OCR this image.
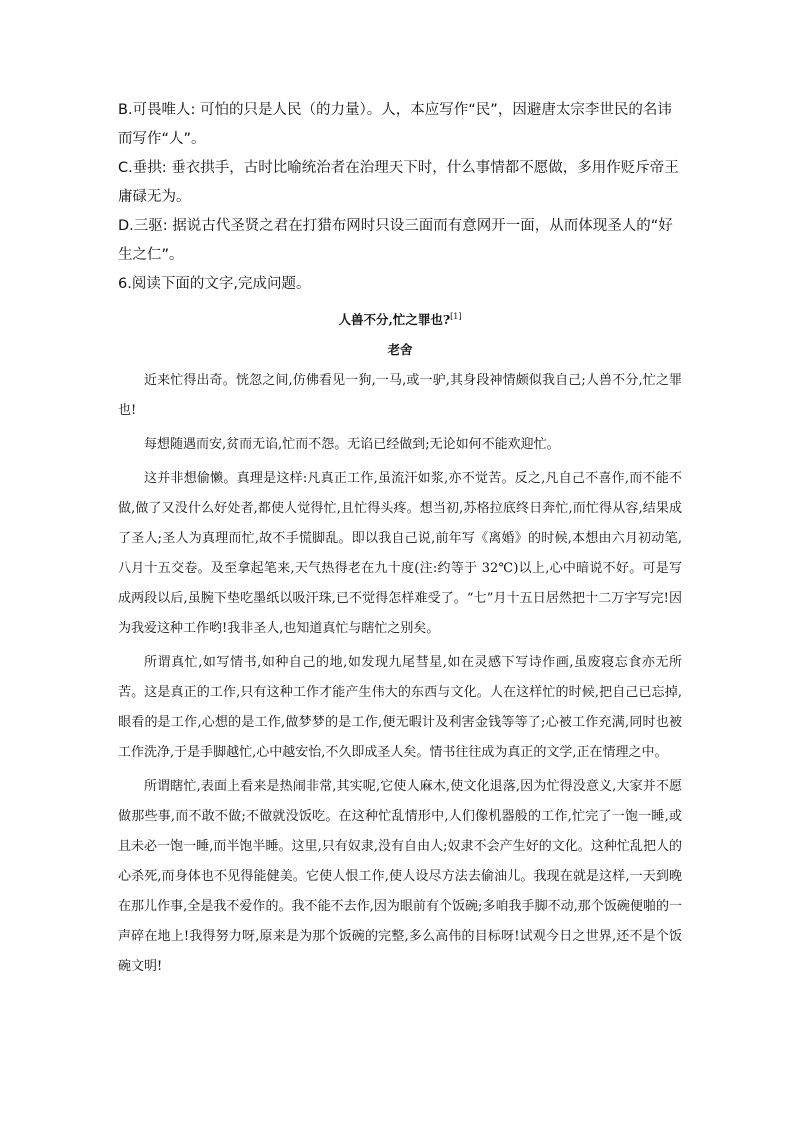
B.可畏唯人: 可怕的只是人民（的力量）。人，本应写作“民”，因避唐太宗李世民的名讳而写作“人”。

C.垂拱: 垂衣拱手，古时比喻统治者在治理天下时，什么事情都不愿做，多用作贬斥帝王庸碌无为。

D.三驱: 据说古代圣贤之君在打猎布网时只设三面而有意网开一面，从而体现圣人的“好生之仁”。

6.阅读下面的文字,完成问题。

人兽不分,忙之罪也?[1]
老舍

近来忙得出奇。恍忽之间,仿佛看见一狗,一马,或一驴,其身段神情颇似我自己;人兽不分,忙之罪也!

每想随遇而安,贫而无谄,忙而不怨。无谄已经做到;无论如何不能欢迎忙。

这并非想偷懒。真理是这样:凡真正工作,虽流汗如浆,亦不觉苦。反之,凡自己不喜作,而不能不做,做了又没什么好处者,都使人觉得忙,且忙得头疼。想当初,苏格拉底终日奔忙,而忙得从容,结果成了圣人;圣人为真理而忙,故不手慌脚乱。即以我自己说,前年写《离婚》的时候,本想由六月初动笔,八月十五交卷。及至拿起笔来,天气热得老在九十度(注:约等于 32℃)以上,心中暗说不好。可是写成两段以后,虽腕下垫吃墨纸以吸汗珠,已不觉得怎样难受了。“七”月十五日居然把十二万字写完!因为我爱这种工作哟!我非圣人,也知道真忙与瞎忙之别矣。

所谓真忙,如写情书,如种自己的地,如发现九尾彗星,如在灵感下写诗作画,虽废寝忘食亦无所苦。这是真正的工作,只有这种工作才能产生伟大的东西与文化。人在这样忙的时候,把自己已忘掉,眼看的是工作,心想的是工作,做梦梦的是工作,便无暇计及利害金钱等等了;心被工作充满,同时也被工作洗净,于是手脚越忙,心中越安怡,不久即成圣人矣。情书往往成为真正的文学,正在情理之中。

所谓瞎忙,表面上看来是热闹非常,其实呢,它使人麻木,使文化退落,因为忙得没意义,大家并不愿做那些事,而不敢不做;不做就没饭吃。在这种忙乱情形中,人们像机器般的工作,忙完了一饱一睡,或且未必一饱一睡,而半饱半睡。这里,只有奴隶,没有自由人;奴隶不会产生好的文化。这种忙乱把人的心杀死,而身体也不见得能健美。它使人恨工作,使人设尽方法去偷油儿。我现在就是这样,一天到晚在那儿作事,全是我不爱作的。我不能不去作,因为眼前有个饭碗;多咱我手脚不动,那个饭碗便啪的一声碎在地上!我得努力呀,原来是为那个饭碗的完整,多么高伟的目标呀!试观今日之世界,还不是个饭碗文明!
